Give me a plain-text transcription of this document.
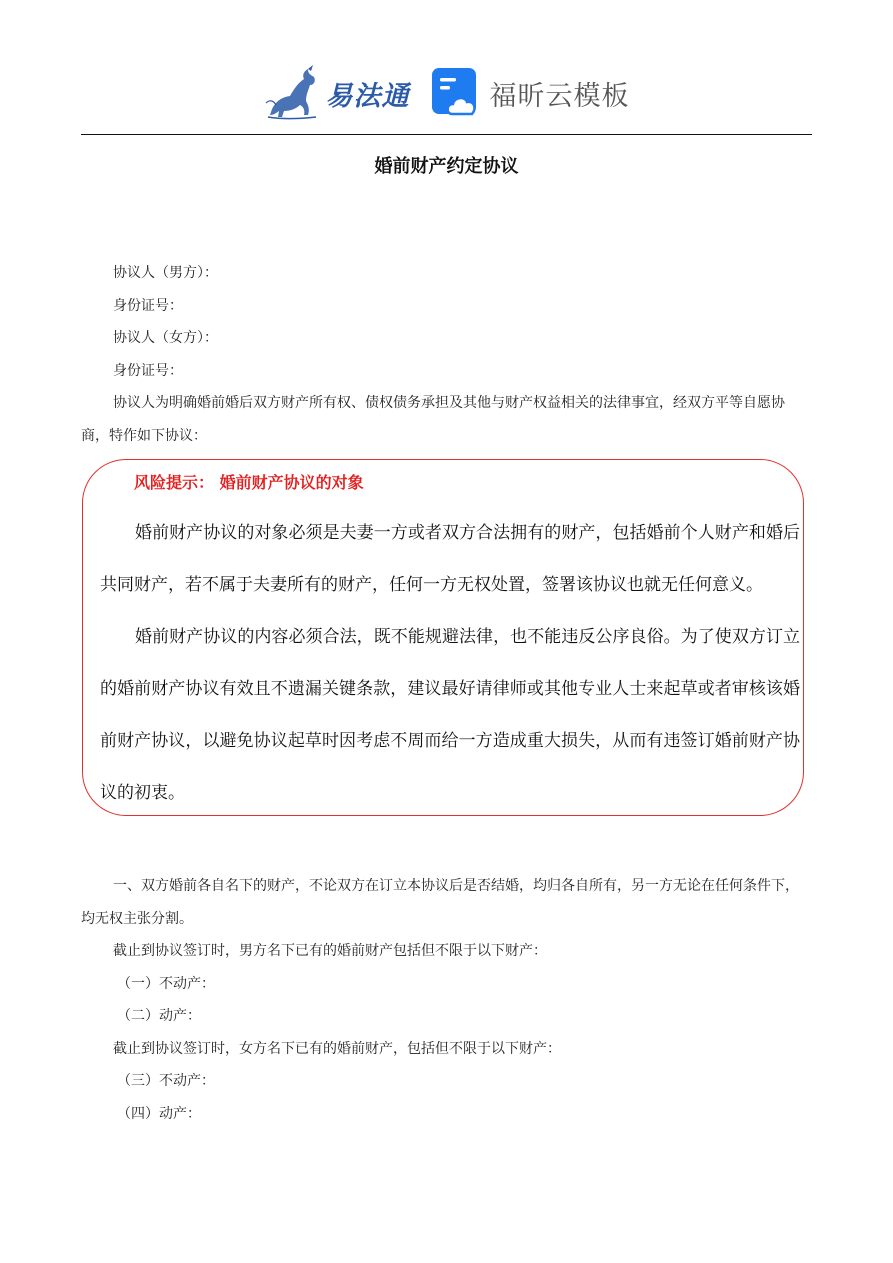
易法通	福昕云模板
婚前财产约定协议
协议人（男方）：
身份证号：
协议人（女方）：
身份证号：
协议人为明确婚前婚后双方财产所有权、债权债务承担及其他与财产权益相关的法律事宜，经双方平等自愿协商，特作如下协议：
风险提示： 婚前财产协议的对象

婚前财产协议的对象必须是夫妻一方或者双方合法拥有的财产，包括婚前个人财产和婚后共同财产，若不属于夫妻所有的财产，任何一方无权处置，签署该协议也就无任何意义。

婚前财产协议的内容必须合法，既不能规避法律，也不能违反公序良俗。为了使双方订立的婚前财产协议有效且不遗漏关键条款，建议最好请律师或其他专业人士来起草或者审核该婚前财产协议，以避免协议起草时因考虑不周而给一方造成重大损失，从而有违签订婚前财产协议的初衷。

一、双方婚前各自名下的财产，不论双方在订立本协议后是否结婚，均归各自所有，另一方无论在任何条件下，均无权主张分割。
截止到协议签订时，男方名下已有的婚前财产包括但不限于以下财产：
（一）不动产：
（二）动产：
截止到协议签订时，女方名下已有的婚前财产，包括但不限于以下财产：
（三）不动产：
（四）动产：
